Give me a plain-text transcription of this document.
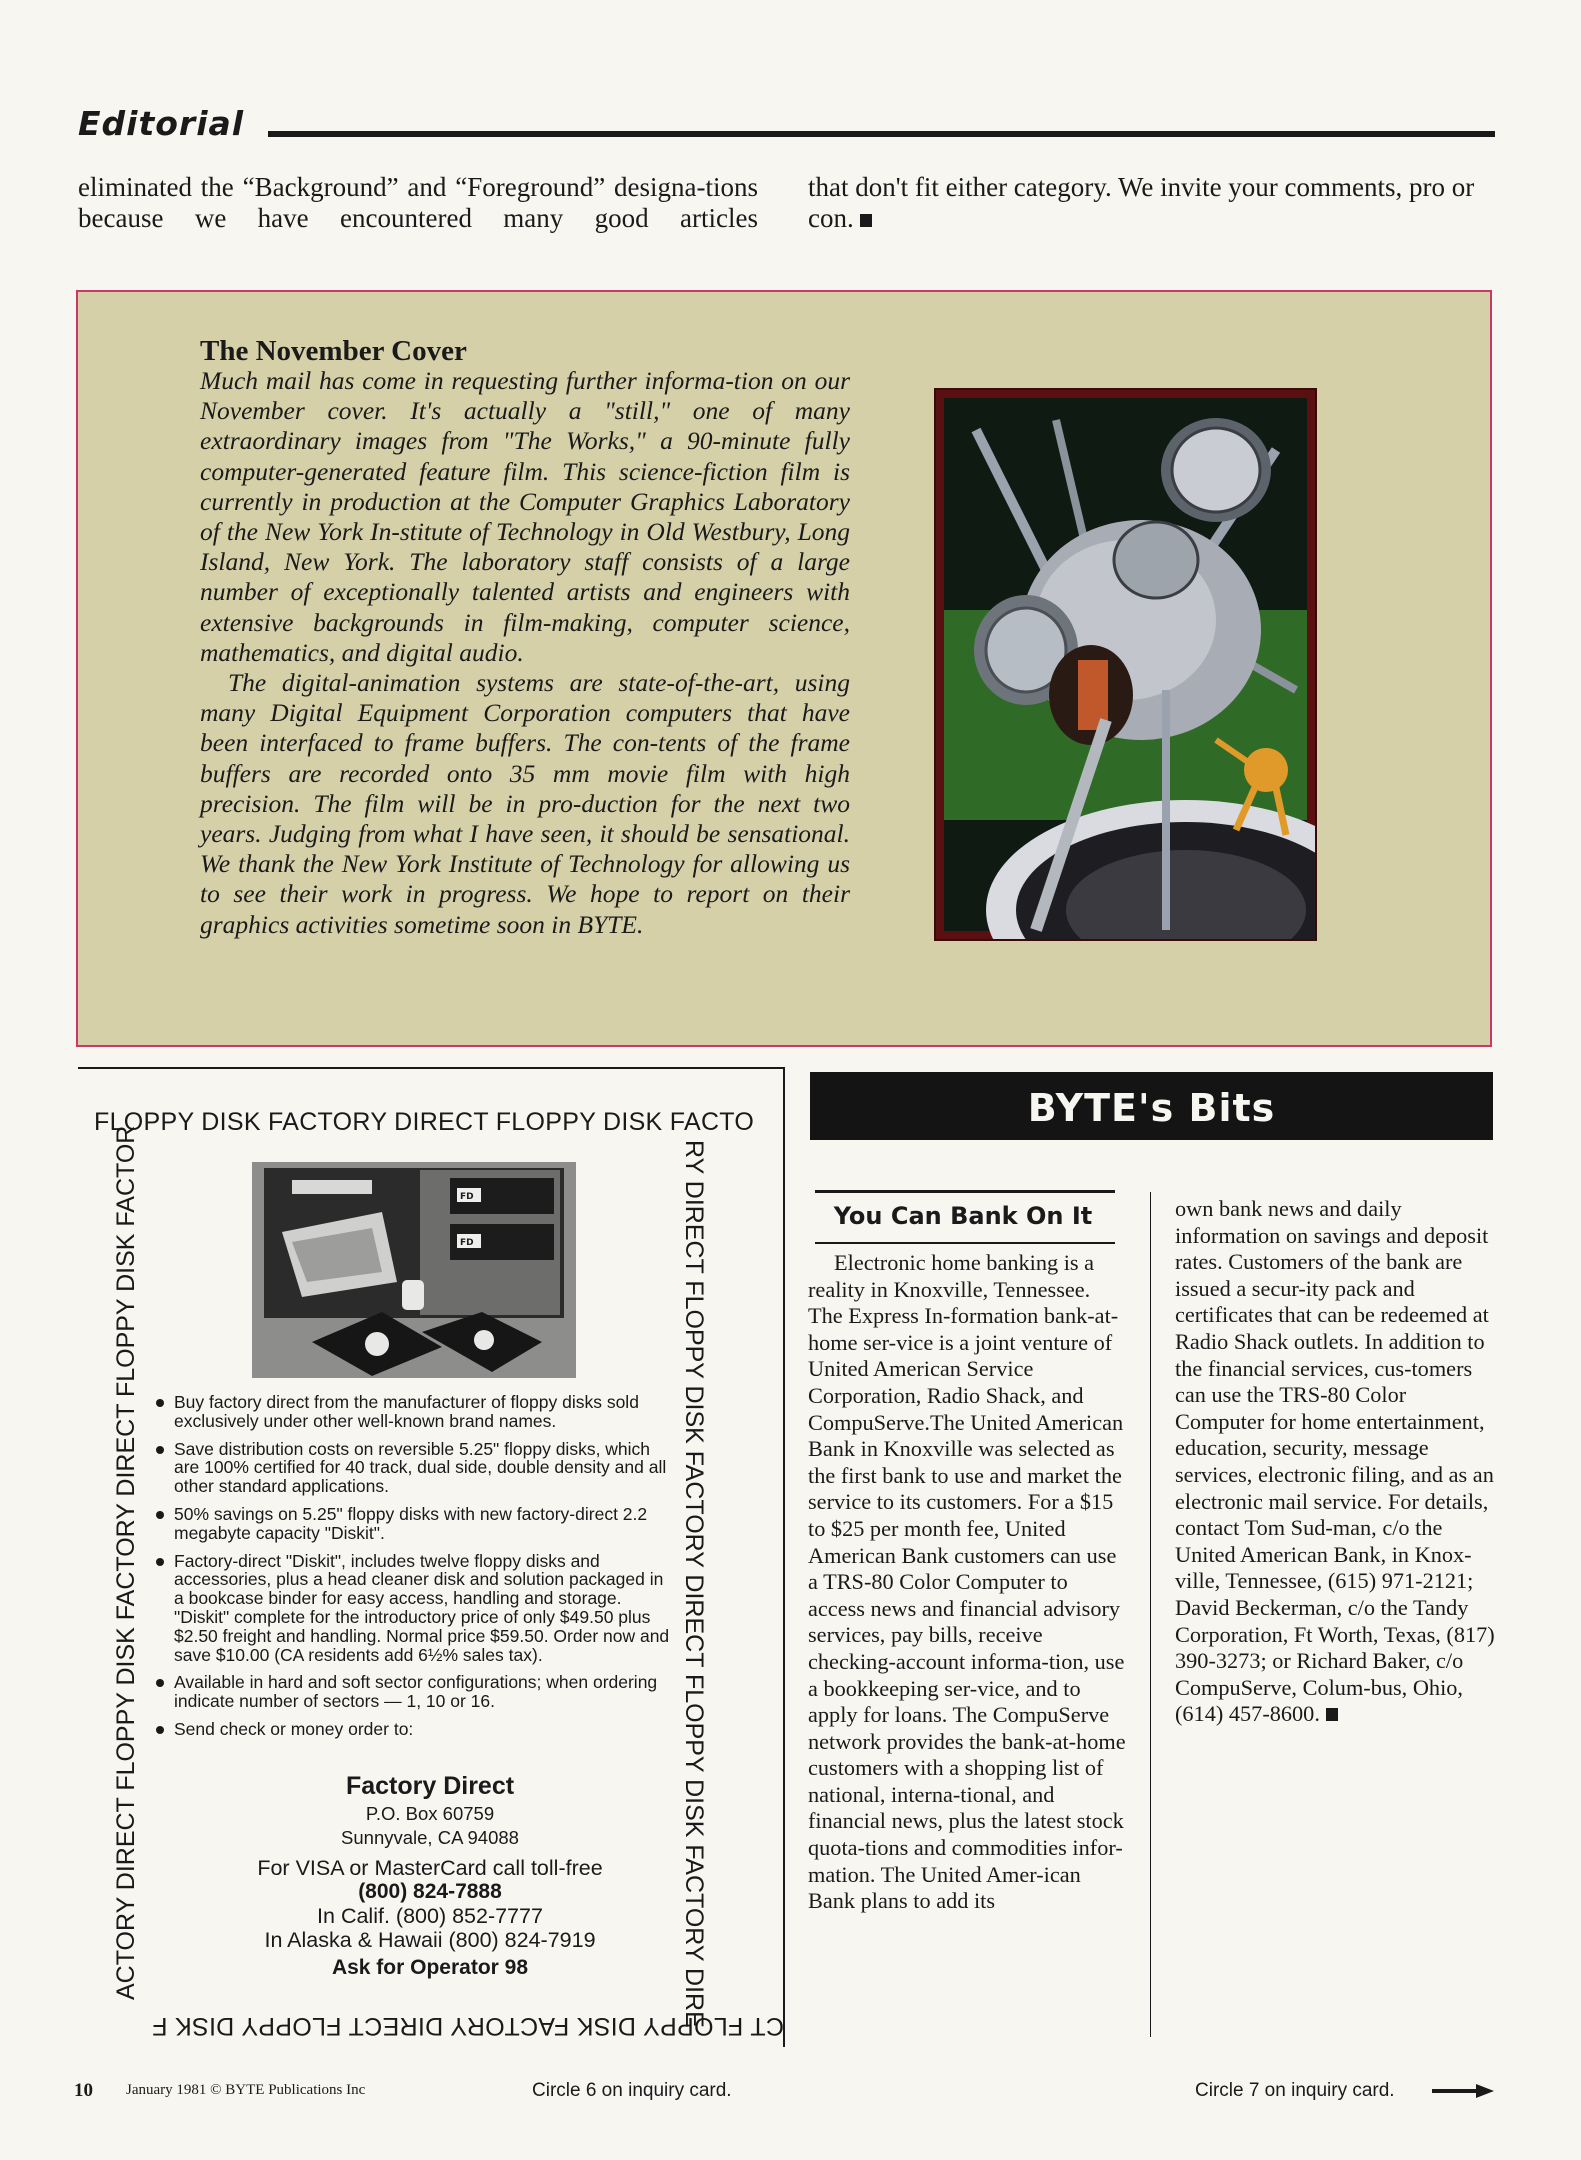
Editorial
eliminated the “Background” and “Foreground” designa-tions because we have encountered many good articles
that don't fit either category. We invite your comments, pro or con.
The November Cover

Much mail has come in requesting further informa-tion on our November cover. It's actually a "still," one of many extraordinary images from "The Works," a 90-minute fully computer-generated feature film. This science-fiction film is currently in production at the Computer Graphics Laboratory of the New York In-stitute of Technology in Old Westbury, Long Island, New York. The laboratory staff consists of a large number of exceptionally talented artists and engineers with extensive backgrounds in film-making, computer science, mathematics, and digital audio.

The digital-animation systems are state-of-the-art, using many Digital Equipment Corporation computers that have been interfaced to frame buffers. The con-tents of the frame buffers are recorded onto 35 mm movie film with high precision. The film will be in pro-duction for the next two years. Judging from what I have seen, it should be sensational. We thank the New York Institute of Technology for allowing us to see their work in progress. We hope to report on their graphics activities sometime soon in BYTE.

FLOPPY DISK FACTORY DIRECT FLOPPY DISK FACTO
RY DIRECT FLOPPY DISK FACTORY DIRECT FLOPPY DISK FACTORY DIRE
CT FLOPPY DISK FACTORY DIRECT FLOPPY DISK F
ACTORY DIRECT FLOPPY DISK FACTORY DIRECT FLOPPY DISK FACTOR	FD
FD
Buy factory direct from the manufacturer of floppy disks sold exclusively under other well-known brand names.
Save distribution costs on reversible 5.25" floppy disks, which are 100% certified for 40 track, dual side, double density and all other standard applications.
50% savings on 5.25" floppy disks with new factory-direct 2.2 megabyte capacity "Diskit".
Factory-direct "Diskit", includes twelve floppy disks and accessories, plus a head cleaner disk and solution packaged in a bookcase binder for easy access, handling and storage. "Diskit" complete for the introductory price of only $49.50 plus $2.50 freight and handling. Normal price $59.50. Order now and save $10.00 (CA residents add 6½% sales tax).
Available in hard and soft sector configurations; when ordering indicate number of sectors — 1, 10 or 16.
Send check or money order to:
Factory Direct
P.O. Box 60759
Sunnyvale, CA 94088
For VISA or MasterCard call toll-free
(800) 824-7888
In Calif. (800) 852-7777
In Alaska & Hawaii (800) 824-7919
Ask for Operator 98
BYTE's Bits
You Can Bank On It
Electronic home banking is a reality in Knoxville, Tennessee. The Express In-formation bank-at-home ser-vice is a joint venture of United American Service Corporation, Radio Shack, and CompuServe.The United American Bank in Knoxville was selected as the first bank to use and market the service to its customers. For a $15 to $25 per month fee, United American Bank customers can use a TRS-80 Color Computer to access news and financial advisory services, pay bills, receive checking-account informa-tion, use a bookkeeping ser-vice, and to apply for loans. The CompuServe network provides the bank-at-home customers with a shopping list of national, interna-tional, and financial news, plus the latest stock quota-tions and commodities infor-mation. The United Amer-ican Bank plans to add its
own bank news and daily information on savings and deposit rates. Customers of the bank are issued a secur-ity pack and certificates that can be redeemed at Radio Shack outlets. In addition to the financial services, cus-tomers can use the TRS-80 Color Computer for home entertainment, education, security, message services, electronic filing, and as an electronic mail service. For details, contact Tom Sud-man, c/o the United American Bank, in Knox-ville, Tennessee, (615) 971-2121; David Beckerman, c/o the Tandy Corporation, Ft Worth, Texas, (817) 390-3273; or Richard Baker, c/o CompuServe, Colum-bus, Ohio, (614) 457-8600.
10 January 1981 © BYTE Publications Inc	Circle 6 on inquiry card.	Circle 7 on inquiry card.
